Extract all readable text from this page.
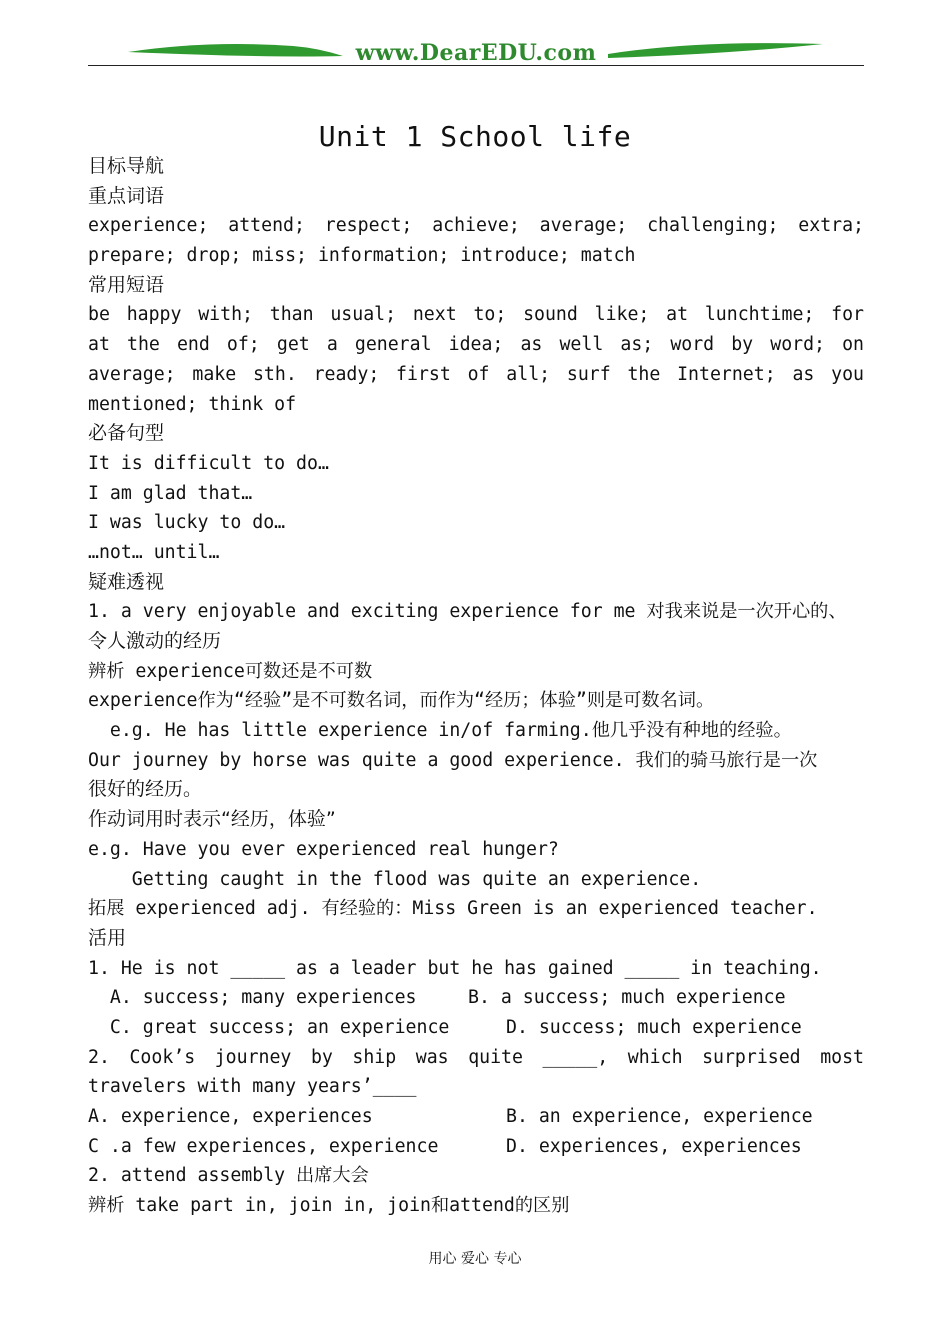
www.DearEDU.com
Unit 1 School life
目标导航
重点词语
experience; attend; respect; achieve; average; challenging; extra;
prepare; drop; miss; information; introduce; match
常用短语
be happy with; than usual; next to; sound like; at lunchtime; for
at the end of; get a general idea; as well as; word by word; on
average; make sth. ready; first of all; surf the Internet; as you
mentioned; think of
必备句型
It is difficult to do…
I am glad that…
I was lucky to do…
…not… until…
疑难透视
1. a very enjoyable and exciting experience for me 对我来说是一次开心的、
令人激动的经历
辨析 experience可数还是不可数
experience作为“经验”是不可数名词，而作为“经历；体验”则是可数名词。
e.g. He has little experience in/of farming.他几乎没有种地的经验。
Our journey by horse was quite a good experience. 我们的骑马旅行是一次
很好的经历。
作动词用时表示“经历，体验”
e.g. Have you ever experienced real hunger?
Getting caught in the flood was quite an experience.
拓展 experienced adj. 有经验的：Miss Green is an experienced teacher.
活用
1. He is not _____ as a leader but he has gained _____ in teaching.
A. success; many experiences	B. a success; much experience
C. great success; an experience	D. success; much experience
2. Cook’s journey by ship was quite _____, which surprised most
travelers with many years’____
A. experience, experiences	B. an experience, experience
C .a few experiences, experience	D. experiences, experiences
2. attend assembly 出席大会
辨析 take part in, join in, join和attend的区别
用心 爱心 专心
